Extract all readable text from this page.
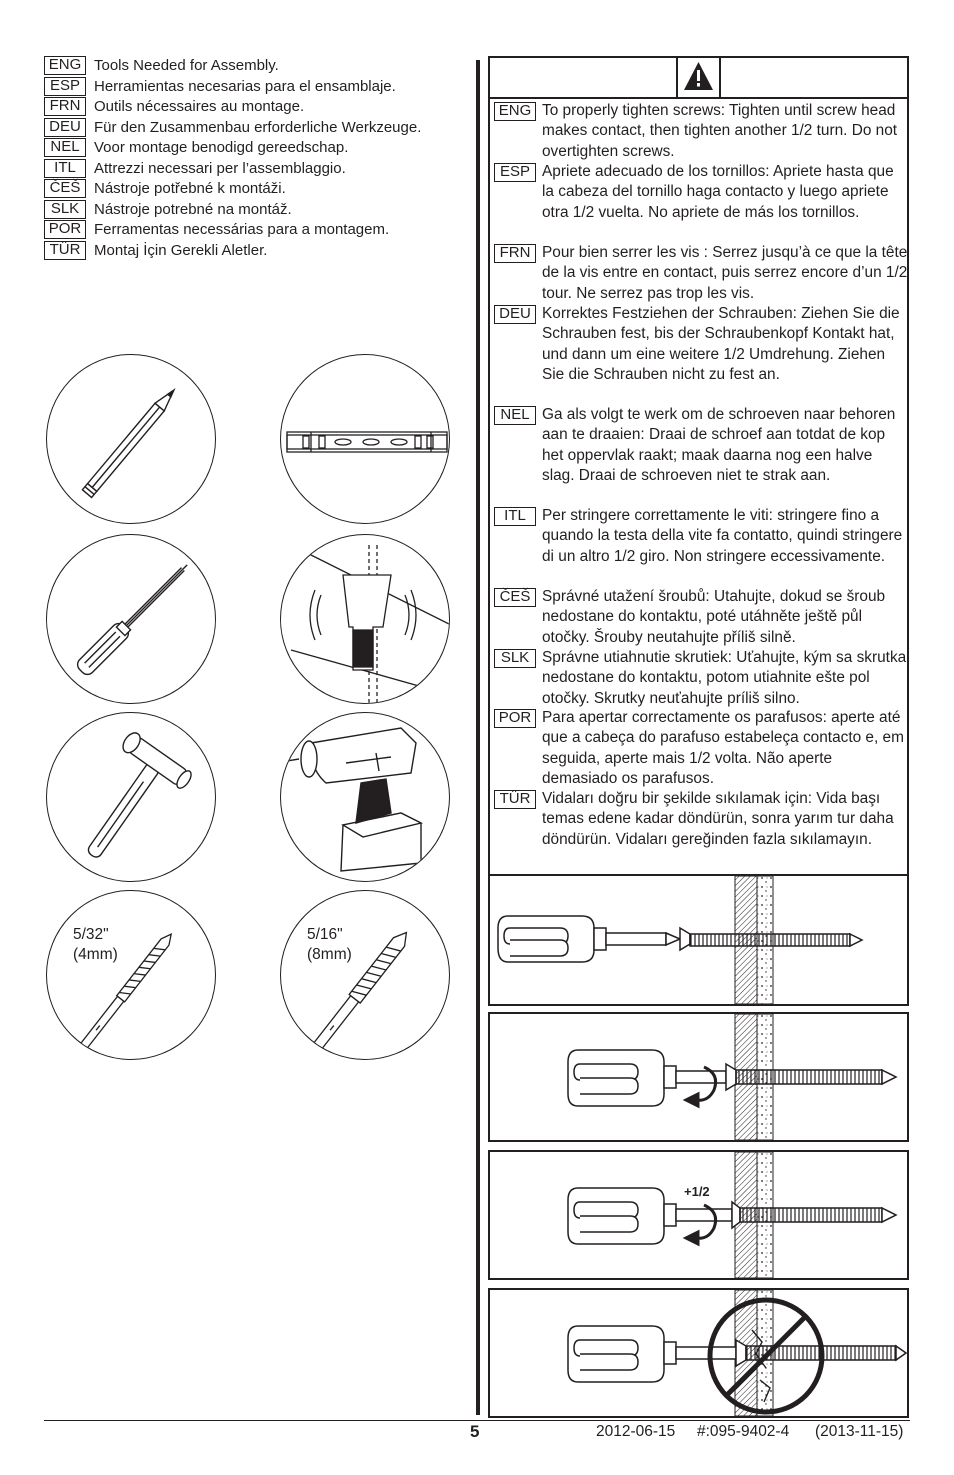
ENG Tools Needed for Assembly.
ESP Herramientas necesarias para el ensamblaje.
FRN Outils nécessaires au montage.
DEU Für den Zusammenbau erforderliche Werkzeuge.
NEL Voor montage benodigd gereedschap.
ITL	Attrezzi necessari per l’assemblaggio.
ČEŠ Nástroje potřebné k montáži.
SLK Nástroje potrebné na montáž.
POR Ferramentas necessárias para a montagem.
TÜR Montaj İçin Gerekli Aletler.
5/32"
(4mm)
5/16"
(8mm)
ENG To properly tighten screws: Tighten until screw head makes contact, then tighten another 1/2 turn. Do not overtighten screws.
ESP Apriete adecuado de los tornillos: Apriete hasta que la cabeza del tornillo haga contacto y luego apriete otra 1/2 vuelta. No apriete de más los tornillos.
FRN Pour bien serrer les vis : Serrez jusqu’à ce que la tête de la vis entre en contact, puis serrez encore d’un 1/2 tour. Ne serrez pas trop les vis.
DEU Korrektes Festziehen der Schrauben: Ziehen Sie die Schrauben fest, bis der Schraubenkopf Kontakt hat, und dann um eine weitere 1/2 Umdrehung. Ziehen Sie die Schrauben nicht zu fest an.
NEL Ga als volgt te werk om de schroeven naar behoren aan te draaien: Draai de schroef aan totdat de kop het oppervlak raakt; maak daarna nog een halve slag. Draai de schroeven niet te strak aan.
ITL	Per stringere correttamente le viti: stringere fino a quando la testa della vite fa contatto, quindi stringere di un altro 1/2 giro. Non stringere eccessivamente.
ČEŠ Správné utažení šroubů: Utahujte, dokud se šroub nedostane do kontaktu, poté utáhněte ještě půl otočky. Šrouby neutahujte příliš silně.
SLK Správne utiahnutie skrutiek: Uťahujte, kým sa skrutka nedostane do kontaktu, potom utiahnite ešte pol otočky. Skrutky neuťahujte príliš silno.
POR Para apertar correctamente os parafusos: aperte até que a cabeça do parafuso estabeleça contacto e, em seguida, aperte mais 1/2 volta. Não aperte demasiado os parafusos.
TÜR Vidaları doğru bir şekilde sıkılamak için: Vida başı temas edene kadar döndürün, sonra yarım tur daha döndürün. Vidaları gereğinden fazla sıkılamayın.
+1/2
5	2012-06-15 #:095-9402-4 (2013-11-15)
